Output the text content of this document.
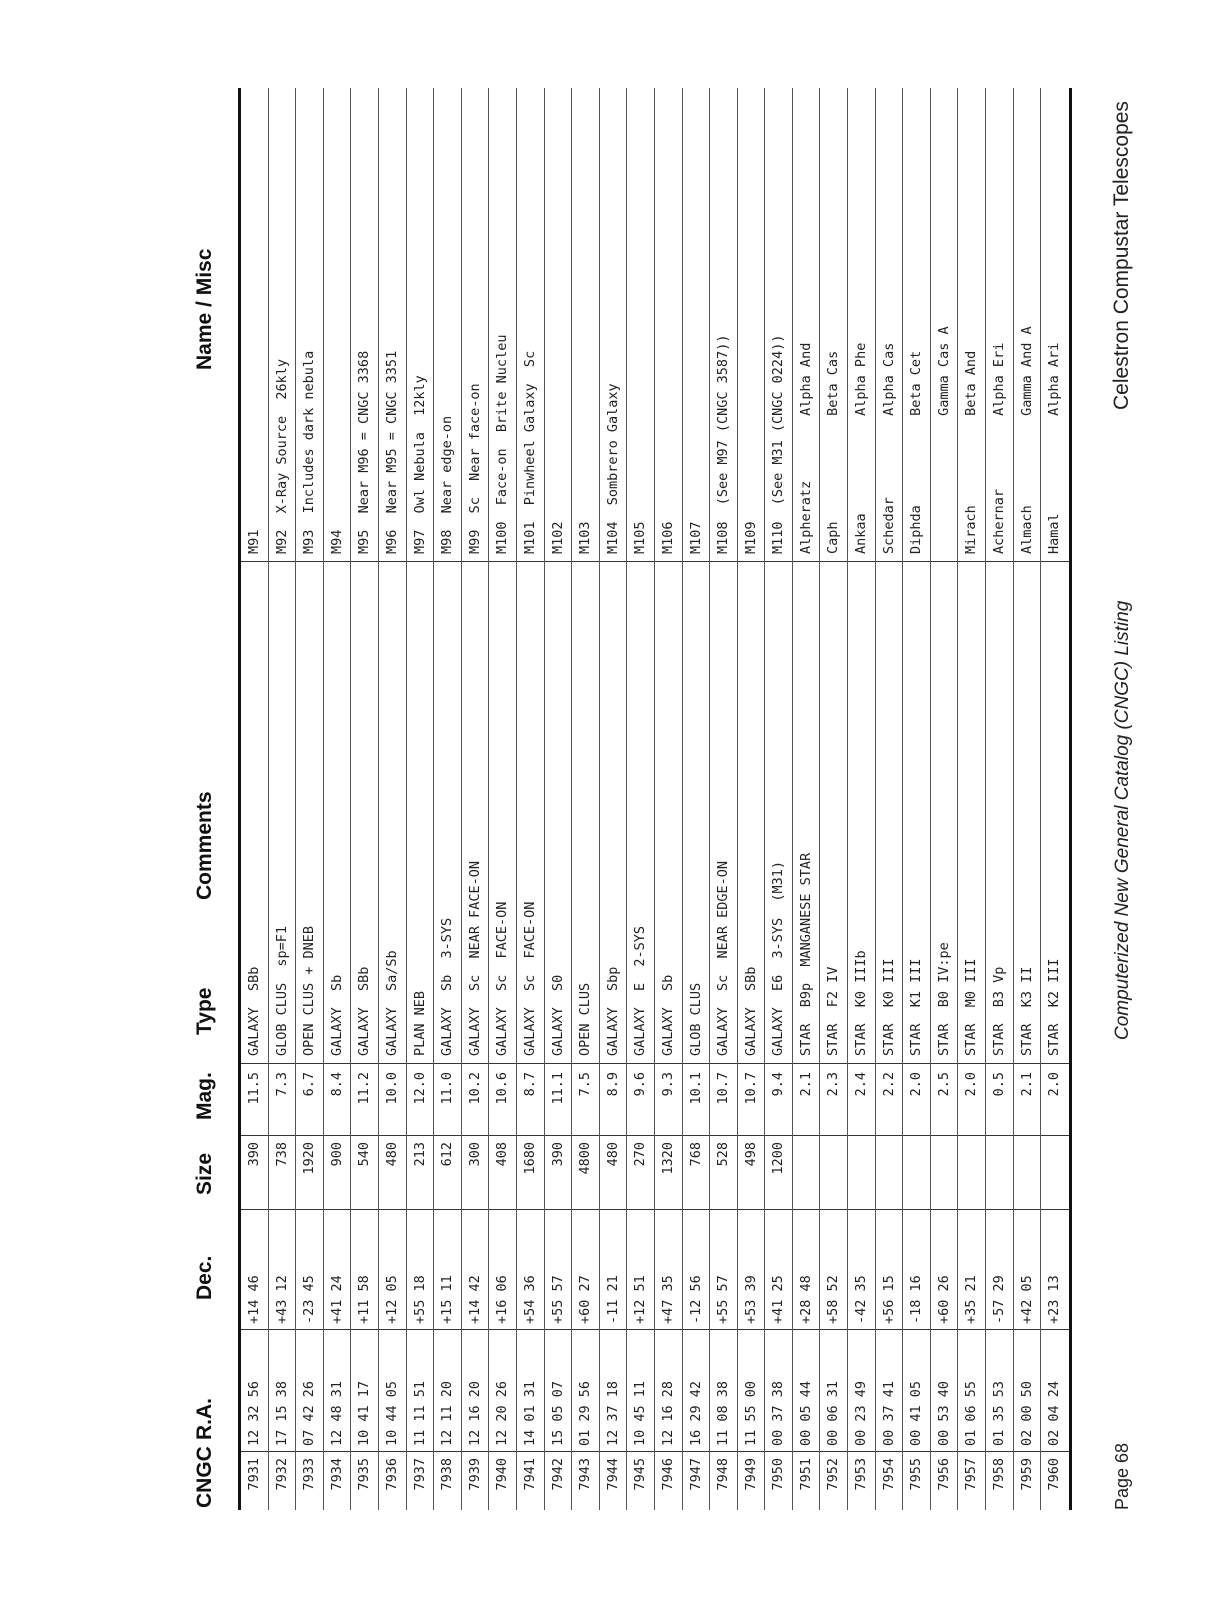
CNGC
R.A.
Dec.
Size
Mag.
Type
Comments
Name / Misc
7931
12 32 56
+14 46
390
11.5
GALAXY  SBb
M91
7932
17 15 38
+43 12
738
7.3
GLOB CLUS  sp=F1
M92  X-Ray Source  26kly
7933
07 42 26
-23 45
1920
6.7
OPEN CLUS + DNEB
M93  Includes dark nebula
7934
12 48 31
+41 24
900
8.4
GALAXY  Sb
M94
7935
10 41 17
+11 58
540
11.2
GALAXY  SBb
M95  Near M96 = CNGC 3368
7936
10 44 05
+12 05
480
10.0
GALAXY  Sa/Sb
M96  Near M95 = CNGC 3351
7937
11 11 51
+55 18
213
12.0
PLAN NEB
M97  Owl Nebula  12kly
7938
12 11 20
+15 11
612
11.0
GALAXY  Sb  3-SYS
M98  Near edge-on
7939
12 16 20
+14 42
300
10.2
GALAXY  Sc  NEAR FACE-ON
M99  Sc  Near face-on
7940
12 20 26
+16 06
408
10.6
GALAXY  Sc  FACE-ON
M100  Face-on  Brite Nucleu
7941
14 01 31
+54 36
1680
8.7
GALAXY  Sc  FACE-ON
M101  Pinwheel Galaxy  Sc
7942
15 05 07
+55 57
390
11.1
GALAXY  S0
M102
7943
01 29 56
+60 27
4800
7.5
OPEN CLUS
M103
7944
12 37 18
-11 21
480
8.9
GALAXY  Sbp
M104  Sombrero Galaxy
7945
10 45 11
+12 51
270
9.6
GALAXY  E  2-SYS
M105
7946
12 16 28
+47 35
1320
9.3
GALAXY  Sb
M106
7947
16 29 42
-12 56
768
10.1
GLOB CLUS
M107
7948
11 08 38
+55 57
528
10.7
GALAXY  Sc  NEAR EDGE-ON
M108  (See M97 (CNGC 3587))
7949
11 55 00
+53 39
498
10.7
GALAXY  SBb
M109
7950
00 37 38
+41 25
1200
9.4
GALAXY  E6  3-SYS  (M31)
M110  (See M31 (CNGC 0224))
7951
00 05 44
+28 48
2.1
STAR  B9p  MANGANESE STAR
Alpheratz        Alpha And
7952
00 06 31
+58 52
2.3
STAR  F2 IV
Caph             Beta Cas
7953
00 23 49
-42 35
2.4
STAR  K0 IIIb
Ankaa            Alpha Phe
7954
00 37 41
+56 15
2.2
STAR  K0 III
Schedar          Alpha Cas
7955
00 41 05
-18 16
2.0
STAR  K1 III
Diphda           Beta Cet
7956
00 53 40
+60 26
2.5
STAR  B0 IV:pe
Gamma Cas A
7957
01 06 55
+35 21
2.0
STAR  M0 III
Mirach           Beta And
7958
01 35 53
-57 29
0.5
STAR  B3 Vp
Achernar         Alpha Eri
7959
02 00 50
+42 05
2.1
STAR  K3 II
Almach           Gamma And A
7960
02 04 24
+23 13
2.0
STAR  K2 III
Hamal            Alpha Ari
Page 68
Computerized New General Catalog (CNGC) Listing
Celestron Compustar Telescopes
